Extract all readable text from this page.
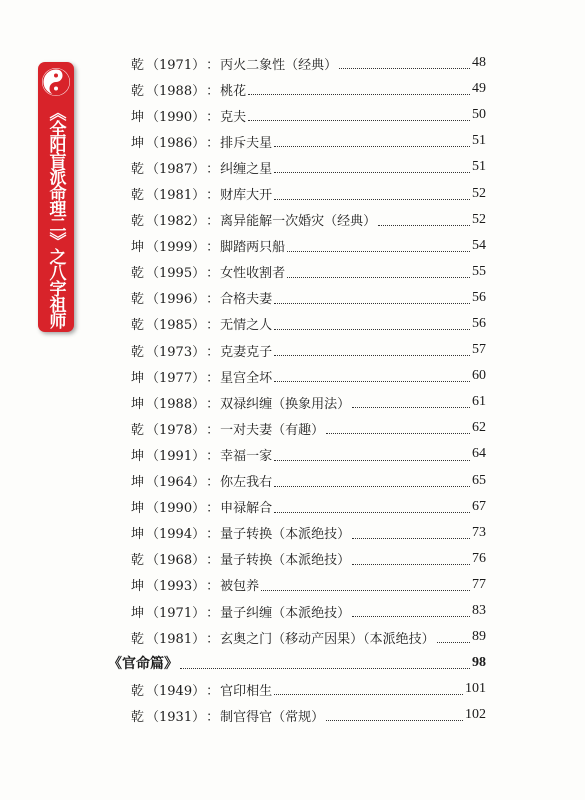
《全阳盲派命理二》之八字祖师
乾 （1971） ： 丙火二象性（经典）	48
乾 （1988） ： 桃花	49
坤 （1990） ： 克夫	50
坤 （1986） ： 排斥夫星	51
乾 （1987） ： 纠缠之星	51
乾 （1981） ： 财库大开	52
乾 （1982） ： 离异能解一次婚灾（经典）	52
坤 （1999） ： 脚踏两只船	54
乾 （1995） ： 女性收割者	55
乾 （1996） ： 合格夫妻	56
乾 （1985） ： 无情之人	56
乾 （1973） ： 克妻克子	57
坤 （1977） ： 星宫全坏	60
坤 （1988） ： 双禄纠缠（换象用法）	61
乾 （1978） ： 一对夫妻（有趣）	62
坤 （1991） ： 幸福一家	64
坤 （1964） ： 你左我右	65
坤 （1990） ： 申禄解合	67
坤 （1994） ： 量子转换（本派绝技）	73
乾 （1968） ： 量子转换（本派绝技）	76
坤 （1993） ： 被包养	77
坤 （1971） ： 量子纠缠（本派绝技）	83
乾 （1981） ： 玄奥之门（移动产因果）（本派绝技）	89
《官命篇》	98
乾 （1949） ： 官印相生	101
乾 （1931） ： 制官得官（常规）	102
